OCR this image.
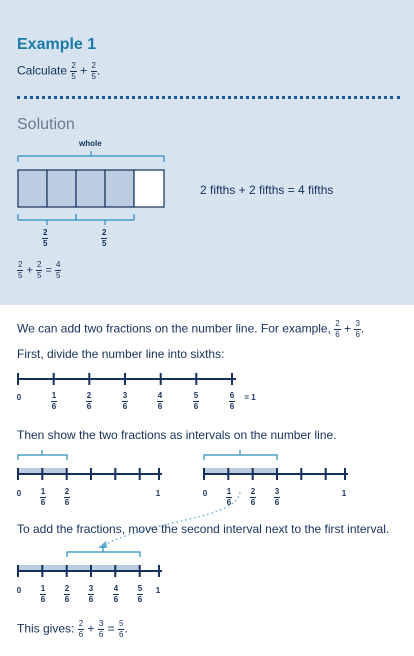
Example 1
Calculate $\frac{2}{5} + \frac{2}{5}$ .
Solution
whole
$\frac{2}{5}$	$\frac{2}{5}$
2 fifths + 2 fifths = 4 fifths
$\frac{2}{5} + \frac{2}{5} = \frac{4}{5}$
We can add two fractions on the number line. For example, $\frac{2}{6} + \frac{3}{6}$ .
First, divide the number line into sixths:
0	$\frac{1}{6}$	$\frac{2}{6}$	$\frac{3}{6}$	$\frac{4}{6}$	$\frac{5}{6}$	$\frac{6}{6}$	= 1
Then show the two fractions as intervals on the number line.
0	$\frac{1}{6} \frac{2}{6}$	1	0	$\frac{1}{6} \frac{2}{6} \frac{3}{6}$	1
To add the fractions, move the second interval next to the first interval.
0	$\frac{1}{6} \frac{2}{6} \frac{3}{6} \frac{4}{6} \frac{5}{6}$	1
This gives: $\frac{2}{6} + \frac{3}{6} = \frac{5}{6}$ .
